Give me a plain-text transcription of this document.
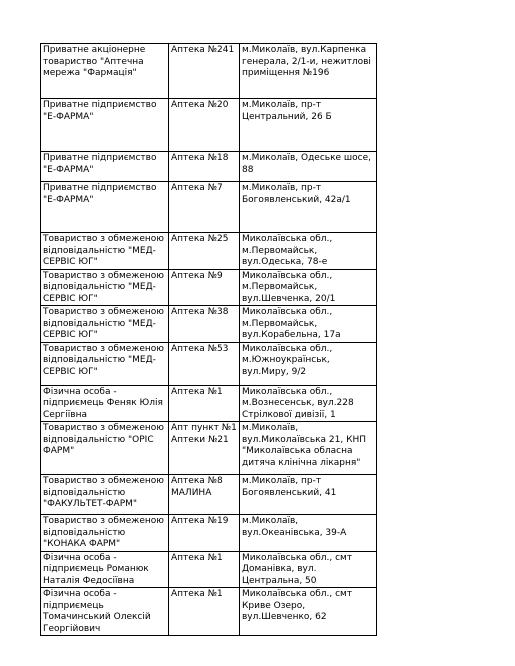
Приватне акціонерне товариство "Аптечна мережа "Фармація"	Аптека №241	м.Миколаїв, вул.Карпенка генерала, 2/1-и, нежитлові приміщення №196
Приватне підприємство "Е-ФАРМА"	Аптека №20	м.Миколаїв, пр-т Центральний, 26 Б
Приватне підприємство "Е-ФАРМА"	Аптека №18	м.Миколаїв, Одеське шосе, 88
Приватне підприємство "Е-ФАРМА"	Аптека №7	м.Миколаїв, пр-т Богоявленський, 42а/1
Товариство з обмеженою відповідальністю "МЕД-СЕРВІС ЮГ"	Аптека №25	Миколаївська обл., м.Первомайськ, вул.Одеська, 78-е
Товариство з обмеженою відповідальністю "МЕД-СЕРВІС ЮГ"	Аптека №9	Миколаївська обл., м.Первомайськ, вул.Шевченка, 20/1
Товариство з обмеженою відповідальністю "МЕД-СЕРВІС ЮГ"	Аптека №38	Миколаївська обл., м.Первомайськ, вул.Корабельна, 17а
Товариство з обмеженою відповідальністю "МЕД-СЕРВІС ЮГ"	Аптека №53	Миколаївська обл., м.Южноукраїнськ, вул.Миру, 9/2
Фізична особа - підприємець Феняк Юлія Сергіївна	Аптека №1	Миколаївська обл., м.Вознесенськ, вул.228 Стрілкової дивізії, 1
Товариство з обмеженою відповідальністю "ОРІС ФАРМ"	Апт пункт №1 Аптеки №21	м.Миколаїв, вул.Миколаївська 21, КНП "Миколаївська обласна дитяча клінічна лікарня"
Товариство з обмеженою відповідальністю "ФАКУЛЬТЕТ-ФАРМ"	Аптека №8 МАЛИНА	м.Миколаїв, пр-т Богоявленський, 41
Товариство з обмеженою відповідальністю "КОНАКА ФАРМ"	Аптека №19	м.Миколаїв, вул.Океанівська, 39-А
Фізична особа - підприємець Романюк Наталія Федосіївна	Аптека №1	Миколаївська обл., смт Доманівка, вул. Центральна, 50
Фізична особа - підприємець Томачинський Олексій Георгійович	Аптека №1	Миколаївська обл., смт Криве Озеро, вул.Шевченко, 62
